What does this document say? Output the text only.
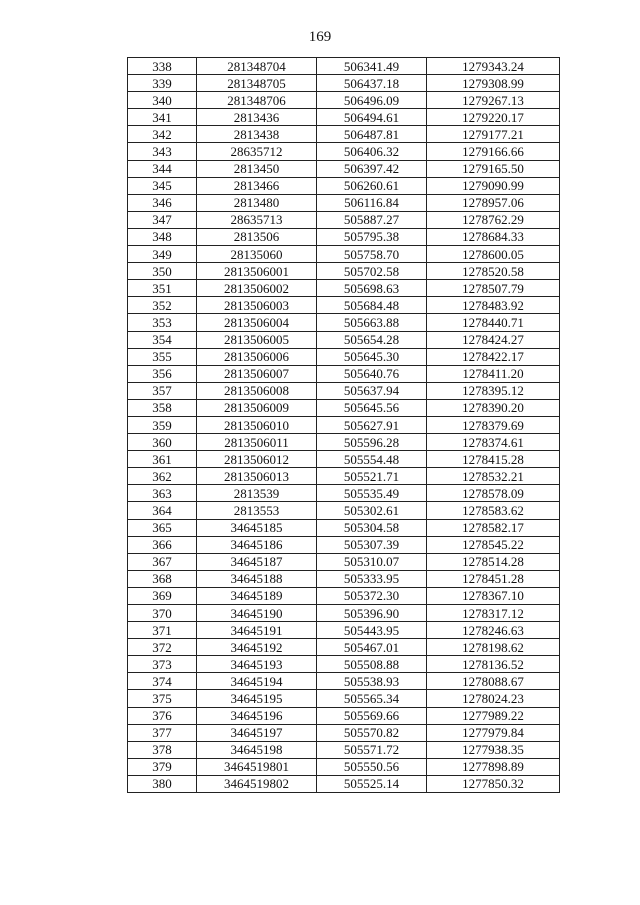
169
338	281348704	506341.49	1279343.24
339	281348705	506437.18	1279308.99
340	281348706	506496.09	1279267.13
341	2813436	506494.61	1279220.17
342	2813438	506487.81	1279177.21
343	28635712	506406.32	1279166.66
344	2813450	506397.42	1279165.50
345	2813466	506260.61	1279090.99
346	2813480	506116.84	1278957.06
347	28635713	505887.27	1278762.29
348	2813506	505795.38	1278684.33
349	28135060	505758.70	1278600.05
350	2813506001	505702.58	1278520.58
351	2813506002	505698.63	1278507.79
352	2813506003	505684.48	1278483.92
353	2813506004	505663.88	1278440.71
354	2813506005	505654.28	1278424.27
355	2813506006	505645.30	1278422.17
356	2813506007	505640.76	1278411.20
357	2813506008	505637.94	1278395.12
358	2813506009	505645.56	1278390.20
359	2813506010	505627.91	1278379.69
360	2813506011	505596.28	1278374.61
361	2813506012	505554.48	1278415.28
362	2813506013	505521.71	1278532.21
363	2813539	505535.49	1278578.09
364	2813553	505302.61	1278583.62
365	34645185	505304.58	1278582.17
366	34645186	505307.39	1278545.22
367	34645187	505310.07	1278514.28
368	34645188	505333.95	1278451.28
369	34645189	505372.30	1278367.10
370	34645190	505396.90	1278317.12
371	34645191	505443.95	1278246.63
372	34645192	505467.01	1278198.62
373	34645193	505508.88	1278136.52
374	34645194	505538.93	1278088.67
375	34645195	505565.34	1278024.23
376	34645196	505569.66	1277989.22
377	34645197	505570.82	1277979.84
378	34645198	505571.72	1277938.35
379	3464519801	505550.56	1277898.89
380	3464519802	505525.14	1277850.32
